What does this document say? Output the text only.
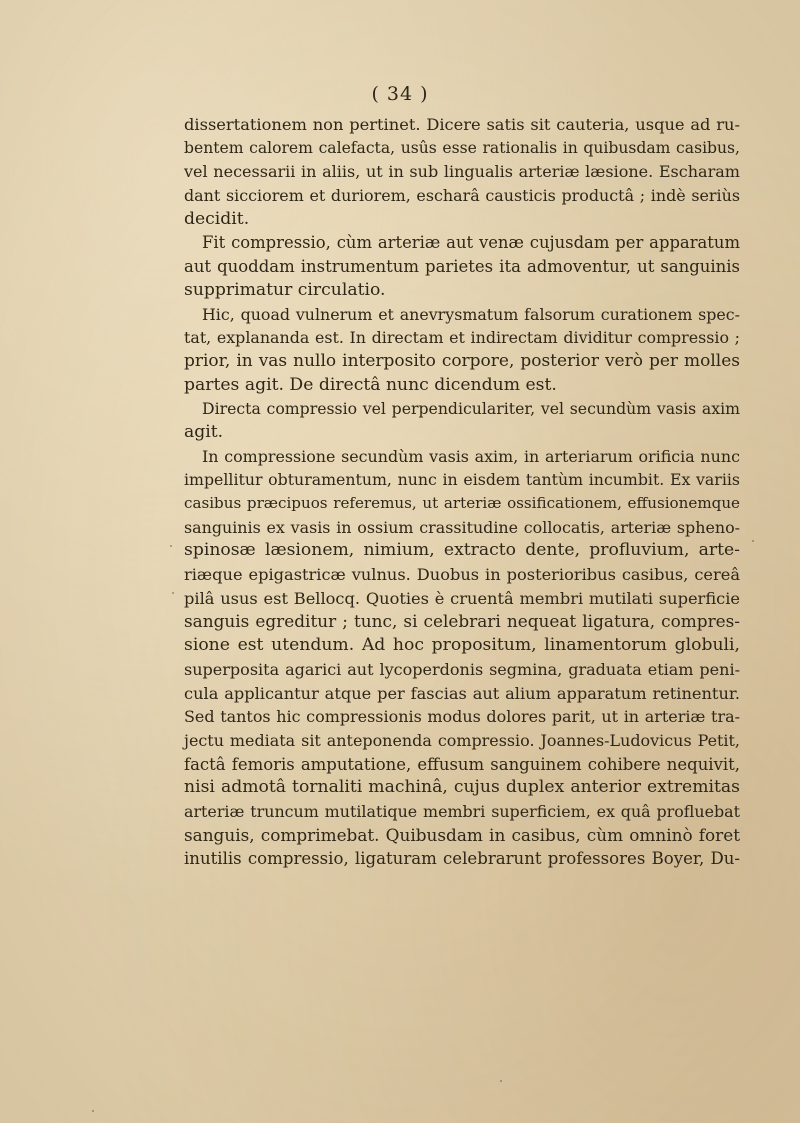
( 34 )
dissertationem non pertinet. Dicere satis sit cauteria, usque ad ru-
bentem calorem calefacta, usûs esse rationalis in quibusdam casibus,
vel necessarii in aliis, ut in sub lingualis arteriæ læsione. Escharam
dant sicciorem et duriorem, escharâ causticis productâ ; indè seriùs
decidit.
Fit compressio, cùm arteriæ aut venæ cujusdam per apparatum
aut quoddam instrumentum parietes ita admoventur, ut sanguinis
supprimatur circulatio.
Hic, quoad vulnerum et anevrysmatum falsorum curationem spec-
tat, explananda est. In directam et indirectam dividitur compressio ;
prior, in vas nullo interposito corpore, posterior verò per molles
partes agit. De directâ nunc dicendum est.
Directa compressio vel perpendiculariter, vel secundùm vasis axim
agit.
In compressione secundùm vasis axim, in arteriarum orificia nunc
impellitur obturamentum, nunc in eisdem tantùm incumbit. Ex variis
casibus præcipuos referemus, ut arteriæ ossificationem, effusionemque
sanguinis ex vasis in ossium crassitudine collocatis, arteriæ spheno-
spinosæ læsionem, nimium, extracto dente, profluvium, arte-
riæque epigastricæ vulnus. Duobus in posterioribus casibus, cereâ
pilâ usus est Bellocq. Quoties è cruentâ membri mutilati superficie
sanguis egreditur ; tunc, si celebrari nequeat ligatura, compres-
sione est utendum. Ad hoc propositum, linamentorum globuli,
superposita agarici aut lycoperdonis segmina, graduata etiam peni-
cula applicantur atque per fascias aut alium apparatum retinentur.
Sed tantos hic compressionis modus dolores parit, ut in arteriæ tra-
jectu mediata sit anteponenda compressio. Joannes-Ludovicus Petit,
factâ femoris amputatione, effusum sanguinem cohibere nequivit,
nisi admotâ tornaliti machinâ, cujus duplex anterior extremitas
arteriæ truncum mutilatique membri superficiem, ex quâ profluebat
sanguis, comprimebat. Quibusdam in casibus, cùm omninò foret
inutilis compressio, ligaturam celebrarunt professores Boyer, Du-
